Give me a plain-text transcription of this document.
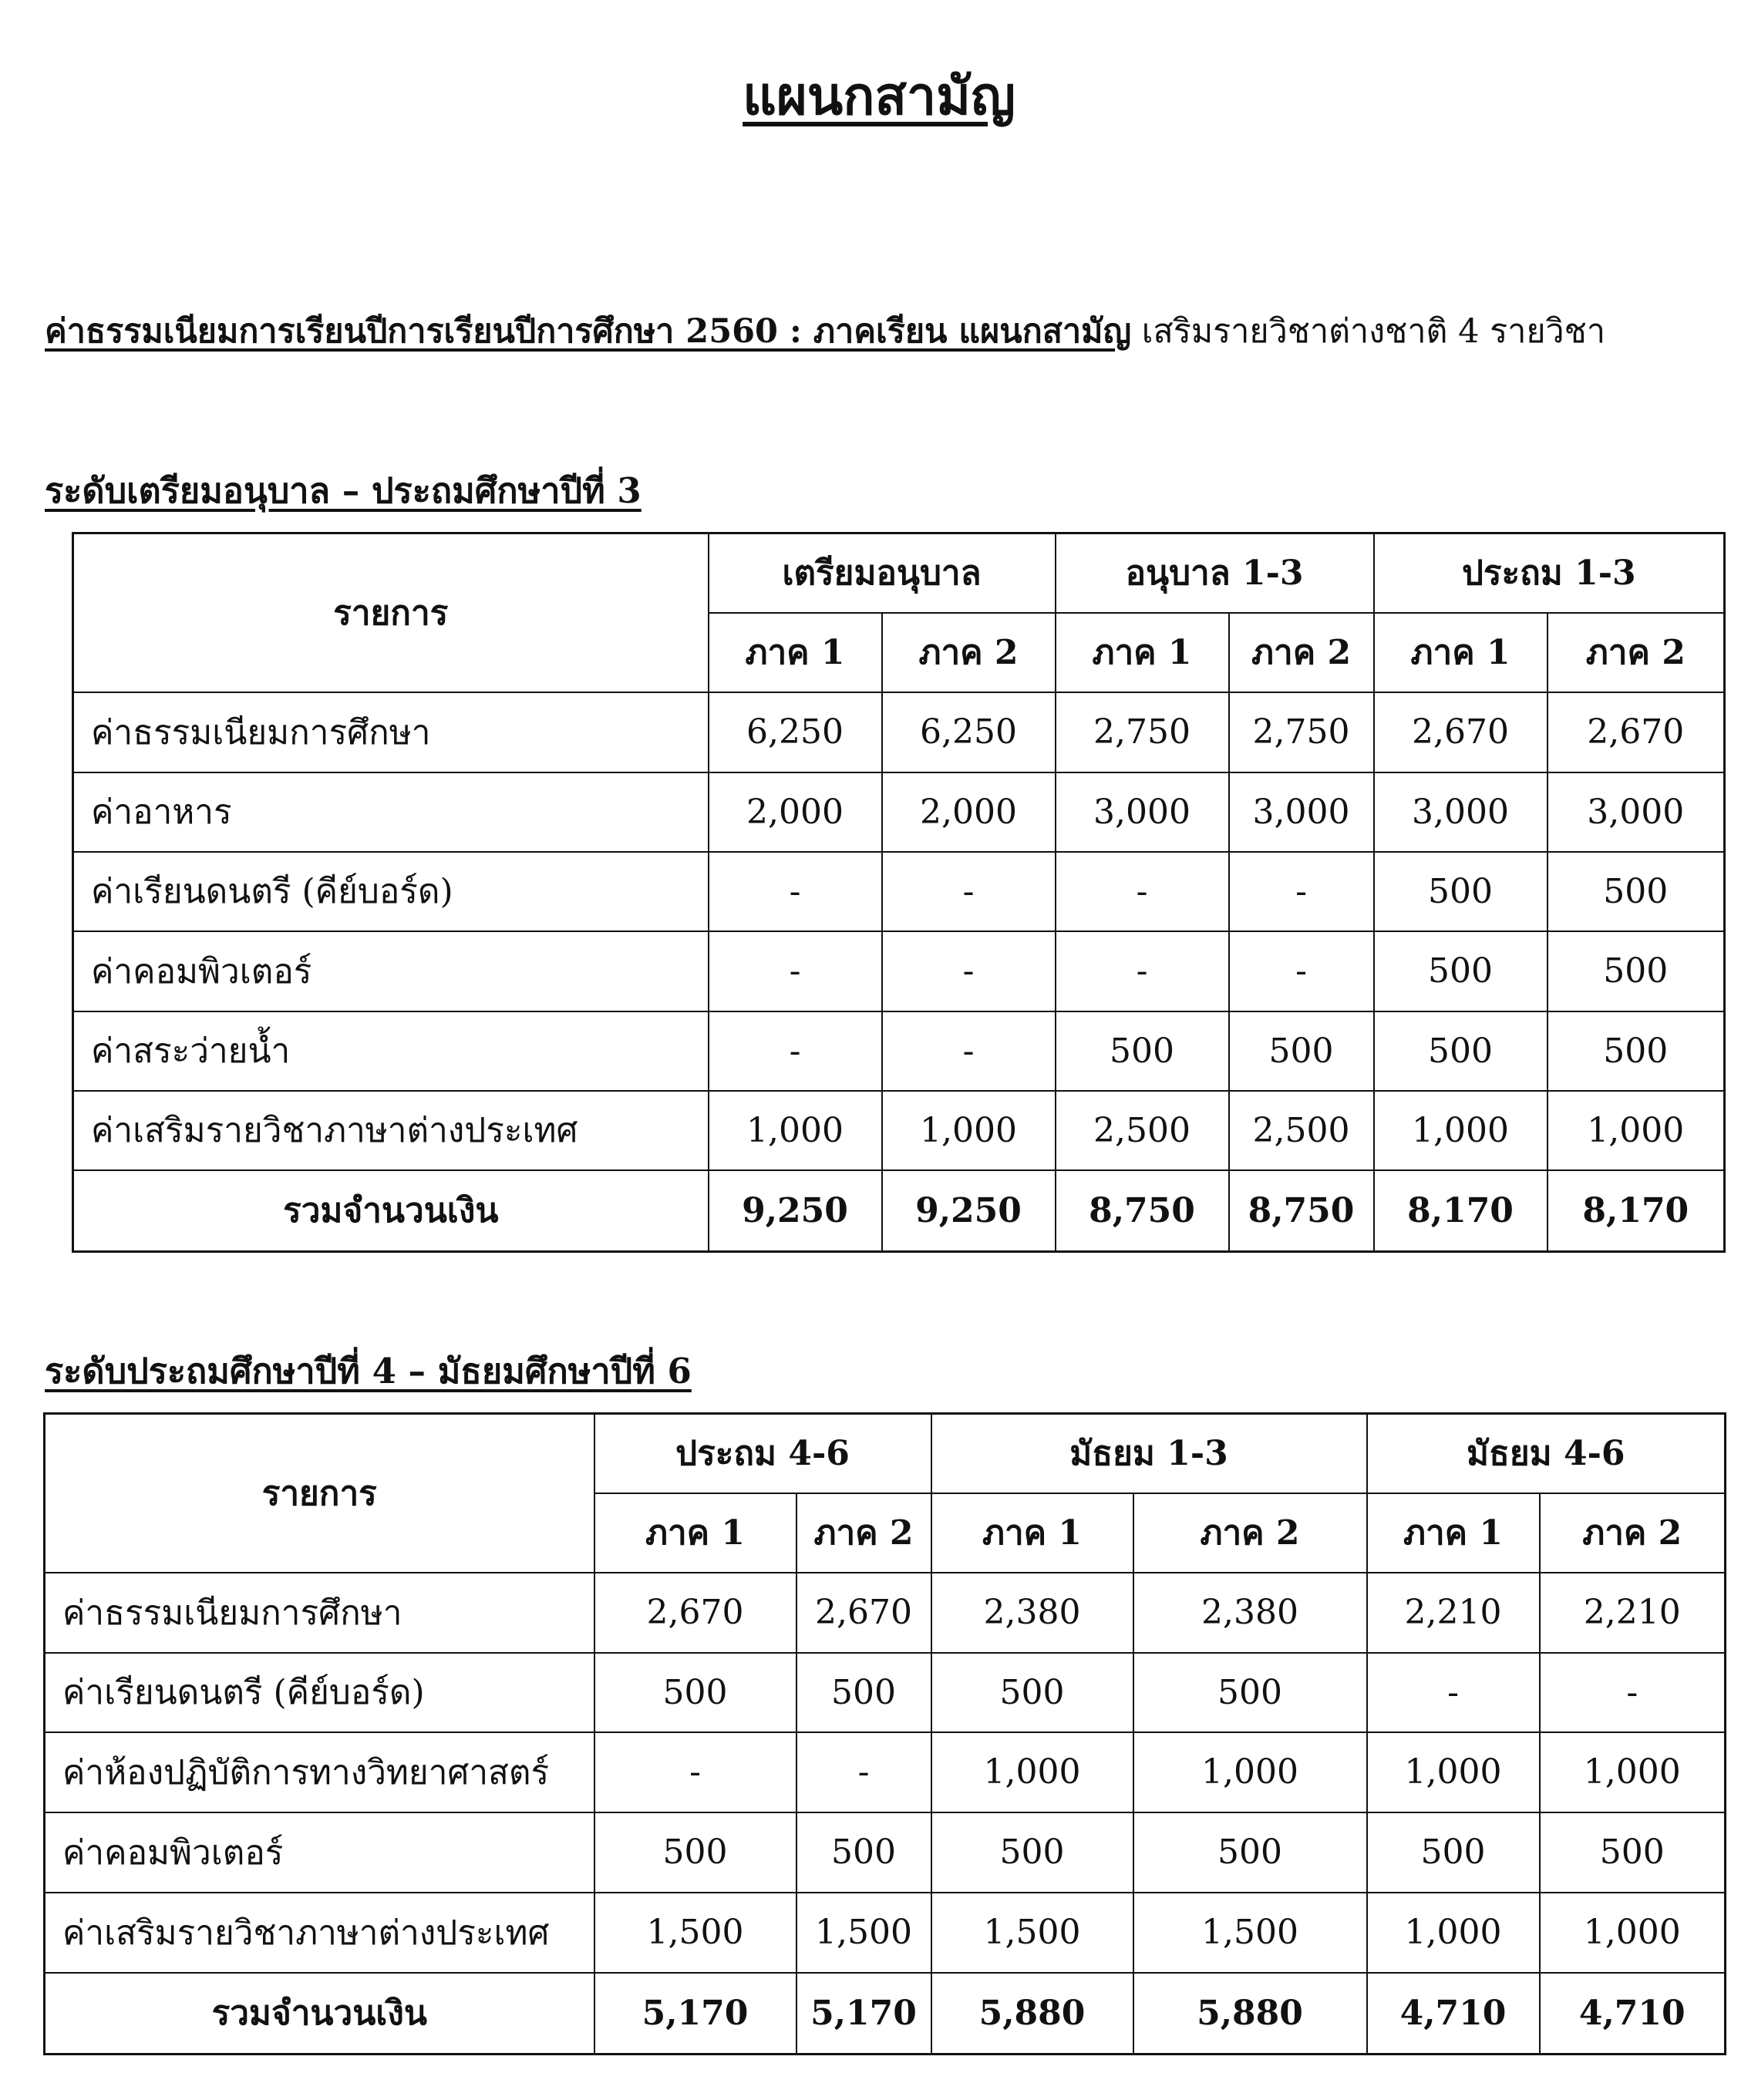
แผนกสามัญ
ค่าธรรมเนียมการเรียนปีการเรียนปีการศึกษา 2560 : ภาคเรียน แผนกสามัญ เสริมรายวิชาต่างชาติ 4 รายวิชา
ระดับเตรียมอนุบาล – ประถมศึกษาปีที่ 3
รายการ	เตรียมอนุบาล		อนุบาล 1-3		ประถม 1-3	
	ภาค 1	ภาค 2	ภาค 1	ภาค 2	ภาค 1	ภาค 2
ค่าธรรมเนียมการศึกษา	6,250	6,250	2,750	2,750	2,670	2,670
ค่าอาหาร	2,000	2,000	3,000	3,000	3,000	3,000
ค่าเรียนดนตรี (คีย์บอร์ด)	-	-	-	-	500	500
ค่าคอมพิวเตอร์	-	-	-	-	500	500
ค่าสระว่ายน้ำ	-	-	500	500	500	500
ค่าเสริมรายวิชาภาษาต่างประเทศ	1,000	1,000	2,500	2,500	1,000	1,000
รวมจำนวนเงิน	9,250	9,250	8,750	8,750	8,170	8,170
ระดับประถมศึกษาปีที่ 4 – มัธยมศึกษาปีที่ 6
รายการ	ประถม 4-6		มัธยม 1-3		มัธยม 4-6	
	ภาค 1	ภาค 2	ภาค 1	ภาค 2	ภาค 1	ภาค 2
ค่าธรรมเนียมการศึกษา	2,670	2,670	2,380	2,380	2,210	2,210
ค่าเรียนดนตรี (คีย์บอร์ด)	500	500	500	500	-	-
ค่าห้องปฏิบัติการทางวิทยาศาสตร์	-	-	1,000	1,000	1,000	1,000
ค่าคอมพิวเตอร์	500	500	500	500	500	500
ค่าเสริมรายวิชาภาษาต่างประเทศ	1,500	1,500	1,500	1,500	1,000	1,000
รวมจำนวนเงิน	5,170	5,170	5,880	5,880	4,710	4,710
